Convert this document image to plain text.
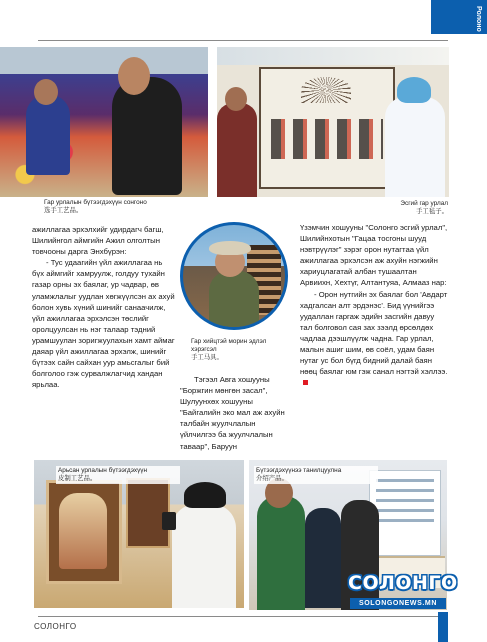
Ролоно
Гар урлалын бүтээгдэхүүн сонгоно
选手工艺品。
Эсгий гар урлал
手工毡子。

ажиллагаа эрхэлхийг удирдагч багш, Шилийнгол аймгийн Ажил олголтын товчооны дарга Энхбүрэн:

- Тус удаагийн үйл ажиллагаа нь бүх аймгийг хамруулж, голдуу тухайн газар орны эх баялаг, ур чадвар, өв уламжлалыг уудлан хөгжүүлсэн ах ахуй болон хувь хүний шинийг санаачилж, үйл ажиллагаа эрхэлсэн төслийг оролцуулсан нь нэг талаар тэдний урамшуулан зоригжуулахын хамт аймаг даяар үйл ажиллагаа эрхэлж, шинийг бүтээх сайн сайхан уур амьсгалыг бий болголоо гэж сурвалжлагчид хандан ярьлаа.

Гар хийцтэй морин эдлэл хэрэгсэл
手工马具。

Тэгээл Авга хошууны "Боржгин мөнгөн засал", Шулуунхөх хошууны "Байгалийн эко мал аж ахуйн талбайн жуулчлалын үйлчилгээ ба жуулчлалын тавааp", Баруун

Үзэмчин хошууны "Солонго эсгий урлал", Шилийнхотын "Гацаа тосгоны шууд нэвтрүүлэг" зэрэг орон нутагтаа үйл ажиллагаа эрхэлсэн аж ахуйн нэгжийн хариуцлагатай албан тушаалтан Арвиихн, Хехтүг, Алтантуяа, Алмааз нар:

- Орон нутгийн эх баялаг бол 'Авдарт хадгалсан алт эрдэнэс'. Бид үүнийгээ уудаллан гаргаж эдийн засгийн давуу тал болговол сая зах зээлд өрсөлдөх чадлаа дээшлүүлж чадна. Гар урлал, малын ашиг шим, өв соёл, удам баян нутаг ус бол бүгд бидний далай баян нөөц баялаг юм гэж санал нэгтэй хэллээ.

Арьсан урлалын бүтээгдэхүүн
皮制工艺品。
Бүтээгдэхүүнээ танилцуулна
介绍产品。
СОЛОНГО
SOLONGONEWS.MN
СОЛОНГО
